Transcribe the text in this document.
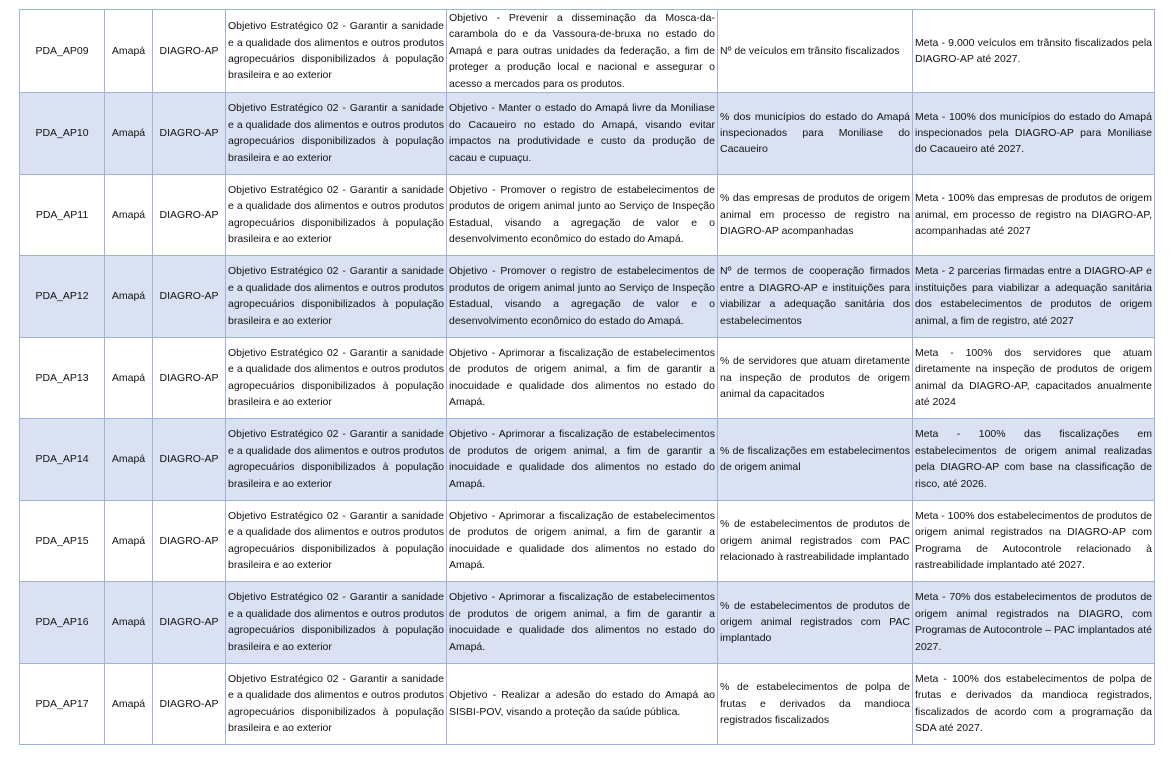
PDA_AP09	Amapá	DIAGRO-AP	Objetivo Estratégico 02 - Garantir a sanidade e a qualidade dos alimentos e outros produtos agropecuários disponibilizados à população brasileira e ao exterior	Objetivo - Prevenir a disseminação da Mosca-da-carambola do e da Vassoura-de-bruxa no estado do Amapá e para outras unidades da federação, a fim de proteger a produção local e nacional e assegurar o acesso a mercados para os produtos.	Nº de veículos em trânsito fiscalizados	Meta - 9.000 veículos em trânsito fiscalizados pela DIAGRO-AP até 2027.
PDA_AP10	Amapá	DIAGRO-AP	Objetivo Estratégico 02 - Garantir a sanidade e a qualidade dos alimentos e outros produtos agropecuários disponibilizados à população brasileira e ao exterior	Objetivo - Manter o estado do Amapá livre da Moniliase do Cacaueiro no estado do Amapá, visando evitar impactos na produtividade e custo da produção de cacau e cupuaçu.	% dos municípios do estado do Amapá inspecionados para Moniliase do Cacaueiro	Meta - 100% dos municípios do estado do Amapá inspecionados pela DIAGRO-AP para Moniliase do Cacaueiro até 2027.
PDA_AP11	Amapá	DIAGRO-AP	Objetivo Estratégico 02 - Garantir a sanidade e a qualidade dos alimentos e outros produtos agropecuários disponibilizados à população brasileira e ao exterior	Objetivo - Promover o registro de estabelecimentos de produtos de origem animal junto ao Serviço de Inspeção Estadual, visando a agregação de valor e o desenvolvimento econômico do estado do Amapá.	% das empresas de produtos de origem animal em processo de registro na DIAGRO-AP acompanhadas	Meta - 100% das empresas de produtos de origem animal, em processo de registro na DIAGRO-AP, acompanhadas até 2027
PDA_AP12	Amapá	DIAGRO-AP	Objetivo Estratégico 02 - Garantir a sanidade e a qualidade dos alimentos e outros produtos agropecuários disponibilizados à população brasileira e ao exterior	Objetivo - Promover o registro de estabelecimentos de produtos de origem animal junto ao Serviço de Inspeção Estadual, visando a agregação de valor e o desenvolvimento econômico do estado do Amapá.	Nº de termos de cooperação firmados entre a DIAGRO-AP e instituições para viabilizar a adequação sanitária dos estabelecimentos	Meta - 2 parcerias firmadas entre a DIAGRO-AP e instituições para viabilizar a adequação sanitária dos estabelecimentos de produtos de origem animal, a fim de registro, até 2027
PDA_AP13	Amapá	DIAGRO-AP	Objetivo Estratégico 02 - Garantir a sanidade e a qualidade dos alimentos e outros produtos agropecuários disponibilizados à população brasileira e ao exterior	Objetivo - Aprimorar a fiscalização de estabelecimentos de produtos de origem animal, a fim de garantir a inocuidade e qualidade dos alimentos no estado do Amapá.	% de servidores que atuam diretamente na inspeção de produtos de origem animal da capacitados	Meta - 100% dos servidores que atuam diretamente na inspeção de produtos de origem animal da DIAGRO-AP, capacitados anualmente até 2024
PDA_AP14	Amapá	DIAGRO-AP	Objetivo Estratégico 02 - Garantir a sanidade e a qualidade dos alimentos e outros produtos agropecuários disponibilizados à população brasileira e ao exterior	Objetivo - Aprimorar a fiscalização de estabelecimentos de produtos de origem animal, a fim de garantir a inocuidade e qualidade dos alimentos no estado do Amapá.	% de fiscalizações em estabelecimentos de origem animal	Meta - 100% das fiscalizações em estabelecimentos de origem animal realizadas pela DIAGRO-AP com base na classificação de risco, até 2026.
PDA_AP15	Amapá	DIAGRO-AP	Objetivo Estratégico 02 - Garantir a sanidade e a qualidade dos alimentos e outros produtos agropecuários disponibilizados à população brasileira e ao exterior	Objetivo - Aprimorar a fiscalização de estabelecimentos de produtos de origem animal, a fim de garantir a inocuidade e qualidade dos alimentos no estado do Amapá.	% de estabelecimentos de produtos de origem animal registrados com PAC relacionado à rastreabilidade implantado	Meta - 100% dos estabelecimentos de produtos de origem animal registrados na DIAGRO-AP com Programa de Autocontrole relacionado à rastreabilidade implantado até 2027.
PDA_AP16	Amapá	DIAGRO-AP	Objetivo Estratégico 02 - Garantir a sanidade e a qualidade dos alimentos e outros produtos agropecuários disponibilizados à população brasileira e ao exterior	Objetivo - Aprimorar a fiscalização de estabelecimentos de produtos de origem animal, a fim de garantir a inocuidade e qualidade dos alimentos no estado do Amapá.	% de estabelecimentos de produtos de origem animal registrados com PAC implantado	Meta - 70% dos estabelecimentos de produtos de origem animal registrados na DIAGRO, com Programas de Autocontrole – PAC implantados até 2027.
PDA_AP17	Amapá	DIAGRO-AP	Objetivo Estratégico 02 - Garantir a sanidade e a qualidade dos alimentos e outros produtos agropecuários disponibilizados à população brasileira e ao exterior	Objetivo - Realizar a adesão do estado do Amapá ao SISBI-POV, visando a proteção da saúde pública.	% de estabelecimentos de polpa de frutas e derivados da mandioca registrados fiscalizados	Meta - 100% dos estabelecimentos de polpa de frutas e derivados da mandioca registrados, fiscalizados de acordo com a programação da SDA até 2027.
